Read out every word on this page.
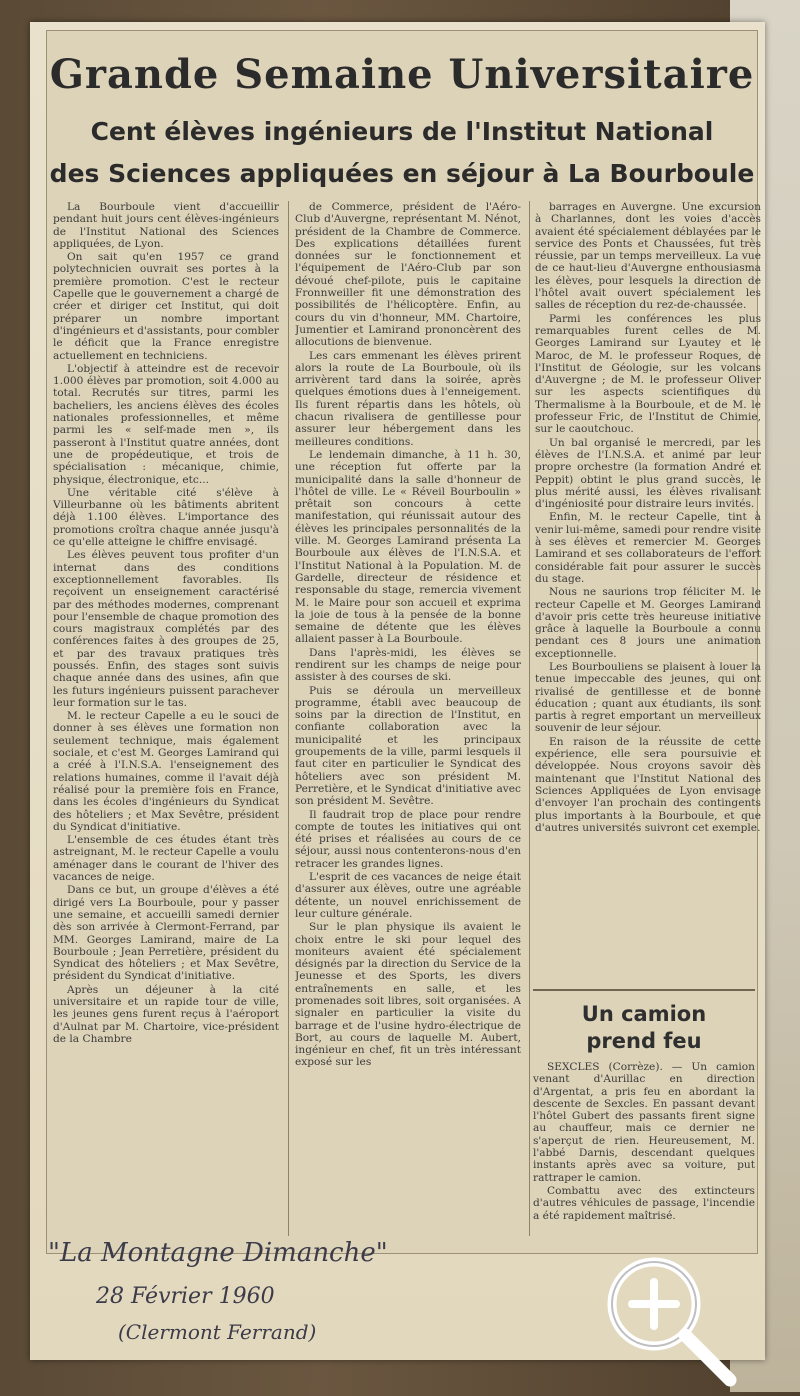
Grande Semaine Universitaire
Cent élèves ingénieurs de l'Institut National
des Sciences appliquées en séjour à La Bourboule

La Bourboule vient d'accueillir pendant huit jours cent élèves-ingénieurs de l'Institut National des Sciences appliquées, de Lyon.

On sait qu'en 1957 ce grand polytechnicien ouvrait ses portes à la première promotion. C'est le recteur Capelle que le gouvernement a chargé de créer et diriger cet Institut, qui doit préparer un nombre important d'ingénieurs et d'assistants, pour combler le déficit que la France enregistre actuellement en techniciens.

L'objectif à atteindre est de recevoir 1.000 élèves par promotion, soit 4.000 au total. Recrutés sur titres, parmi les bacheliers, les anciens élèves des écoles nationales professionnelles, et même parmi les « self-made men », ils passeront à l'Institut quatre années, dont une de propédeutique, et trois de spécialisation : mécanique, chimie, physique, électronique, etc...

Une véritable cité s'élève à Villeurbanne où les bâtiments abritent déjà 1.100 élèves. L'importance des promotions croîtra chaque année jusqu'à ce qu'elle atteigne le chiffre envisagé.

Les élèves peuvent tous profiter d'un internat dans des conditions exceptionnellement favorables. Ils reçoivent un enseignement caractérisé par des méthodes modernes, comprenant pour l'ensemble de chaque promotion des cours magistraux complétés par des conférences faites à des groupes de 25, et par des travaux pratiques très poussés. Enfin, des stages sont suivis chaque année dans des usines, afin que les futurs ingénieurs puissent parachever leur formation sur le tas.

M. le recteur Capelle a eu le souci de donner à ses élèves une formation non seulement technique, mais également sociale, et c'est M. Georges Lamirand qui a créé à l'I.N.S.A. l'enseignement des relations humaines, comme il l'avait déjà réalisé pour la première fois en France, dans les écoles d'ingénieurs du Syndicat des hôteliers ; et Max Sevêtre, président du Syndicat d'initiative.

L'ensemble de ces études étant très astreignant, M. le recteur Capelle a voulu aménager dans le courant de l'hiver des vacances de neige.

Dans ce but, un groupe d'élèves a été dirigé vers La Bourboule, pour y passer une semaine, et accueilli samedi dernier dès son arrivée à Clermont-Ferrand, par MM. Georges Lamirand, maire de La Bourboule ; Jean Perretière, président du Syndicat des hôteliers ; et Max Sevêtre, président du Syndicat d'initiative.

Après un déjeuner à la cité universitaire et un rapide tour de ville, les jeunes gens furent reçus à l'aéroport d'Aulnat par M. Chartoire, vice-président de la Chambre

de Commerce, président de l'Aéro-Club d'Auvergne, représentant M. Nénot, président de la Chambre de Commerce. Des explications détaillées furent données sur le fonctionnement et l'équipement de l'Aéro-Club par son dévoué chef-pilote, puis le capitaine Fronnweiller fit une démonstration des possibilités de l'hélicoptère. Enfin, au cours du vin d'honneur, MM. Chartoire, Jumentier et Lamirand prononcèrent des allocutions de bienvenue.

Les cars emmenant les élèves prirent alors la route de La Bourboule, où ils arrivèrent tard dans la soirée, après quelques émotions dues à l'enneigement. Ils furent répartis dans les hôtels, où chacun rivalisera de gentillesse pour assurer leur hébergement dans les meilleures conditions.

Le lendemain dimanche, à 11 h. 30, une réception fut offerte par la municipalité dans la salle d'honneur de l'hôtel de ville. Le « Réveil Bourboulin » prêtait son concours à cette manifestation, qui réunissait autour des élèves les principales personnalités de la ville. M. Georges Lamirand présenta La Bourboule aux élèves de l'I.N.S.A. et l'Institut National à la Population. M. de Gardelle, directeur de résidence et responsable du stage, remercia vivement M. le Maire pour son accueil et exprima la joie de tous à la pensée de la bonne semaine de détente que les élèves allaient passer à La Bourboule.

Dans l'après-midi, les élèves se rendirent sur les champs de neige pour assister à des courses de ski.

Puis se déroula un merveilleux programme, établi avec beaucoup de soins par la direction de l'Institut, en confiante collaboration avec la municipalité et les principaux groupements de la ville, parmi lesquels il faut citer en particulier le Syndicat des hôteliers avec son président M. Perretière, et le Syndicat d'initiative avec son président M. Sevêtre.

Il faudrait trop de place pour rendre compte de toutes les initiatives qui ont été prises et réalisées au cours de ce séjour, aussi nous contenterons-nous d'en retracer les grandes lignes.

L'esprit de ces vacances de neige était d'assurer aux élèves, outre une agréable détente, un nouvel enrichissement de leur culture générale.

Sur le plan physique ils avaient le choix entre le ski pour lequel des moniteurs avaient été spécialement désignés par la direction du Service de la Jeunesse et des Sports, les divers entraînements en salle, et les promenades soit libres, soit organisées. A signaler en particulier la visite du barrage et de l'usine hydro-électrique de Bort, au cours de laquelle M. Aubert, ingénieur en chef, fit un très intéressant exposé sur les

barrages en Auvergne. Une excursion à Charlannes, dont les voies d'accès avaient été spécialement déblayées par le service des Ponts et Chaussées, fut très réussie, par un temps merveilleux. La vue de ce haut-lieu d'Auvergne enthousiasma les élèves, pour lesquels la direction de l'hôtel avait ouvert spécialement les salles de réception du rez-de-chaussée.

Parmi les conférences les plus remarquables furent celles de M. Georges Lamirand sur Lyautey et le Maroc, de M. le professeur Roques, de l'Institut de Géologie, sur les volcans d'Auvergne ; de M. le professeur Oliver sur les aspects scientifiques du Thermalisme à la Bourboule, et de M. le professeur Fric, de l'Institut de Chimie, sur le caoutchouc.

Un bal organisé le mercredi, par les élèves de l'I.N.S.A. et animé par leur propre orchestre (la formation André et Peppit) obtint le plus grand succès, le plus mérité aussi, les élèves rivalisant d'ingéniosité pour distraire leurs invités.

Enfin, M. le recteur Capelle, tint à venir lui-même, samedi pour rendre visite à ses élèves et remercier M. Georges Lamirand et ses collaborateurs de l'effort considérable fait pour assurer le succès du stage.

Nous ne saurions trop féliciter M. le recteur Capelle et M. Georges Lamirand d'avoir pris cette très heureuse initiative grâce à laquelle la Bourboule a connu pendant ces 8 jours une animation exceptionnelle.

Les Bourbouliens se plaisent à louer la tenue impeccable des jeunes, qui ont rivalisé de gentillesse et de bonne éducation ; quant aux étudiants, ils sont partis à regret emportant un merveilleux souvenir de leur séjour.

En raison de la réussite de cette expérience, elle sera poursuivie et développée. Nous croyons savoir dès maintenant que l'Institut National des Sciences Appliquées de Lyon envisage d'envoyer l'an prochain des contingents plus importants à la Bourboule, et que d'autres universités suivront cet exemple.

Un camion
prend feu

SEXCLES (Corrèze). — Un camion venant d'Aurillac en direction d'Argentat, a pris feu en abordant la descente de Sexcles. En passant devant l'hôtel Gubert des passants firent signe au chauffeur, mais ce dernier ne s'aperçut de rien. Heureusement, M. l'abbé Darnis, descendant quelques instants après avec sa voiture, put rattraper le camion.

Combattu avec des extincteurs d'autres véhicules de passage, l'incendie a été rapidement maîtrisé.

"La Montagne Dimanche"
28 Février 1960
(Clermont Ferrand)
